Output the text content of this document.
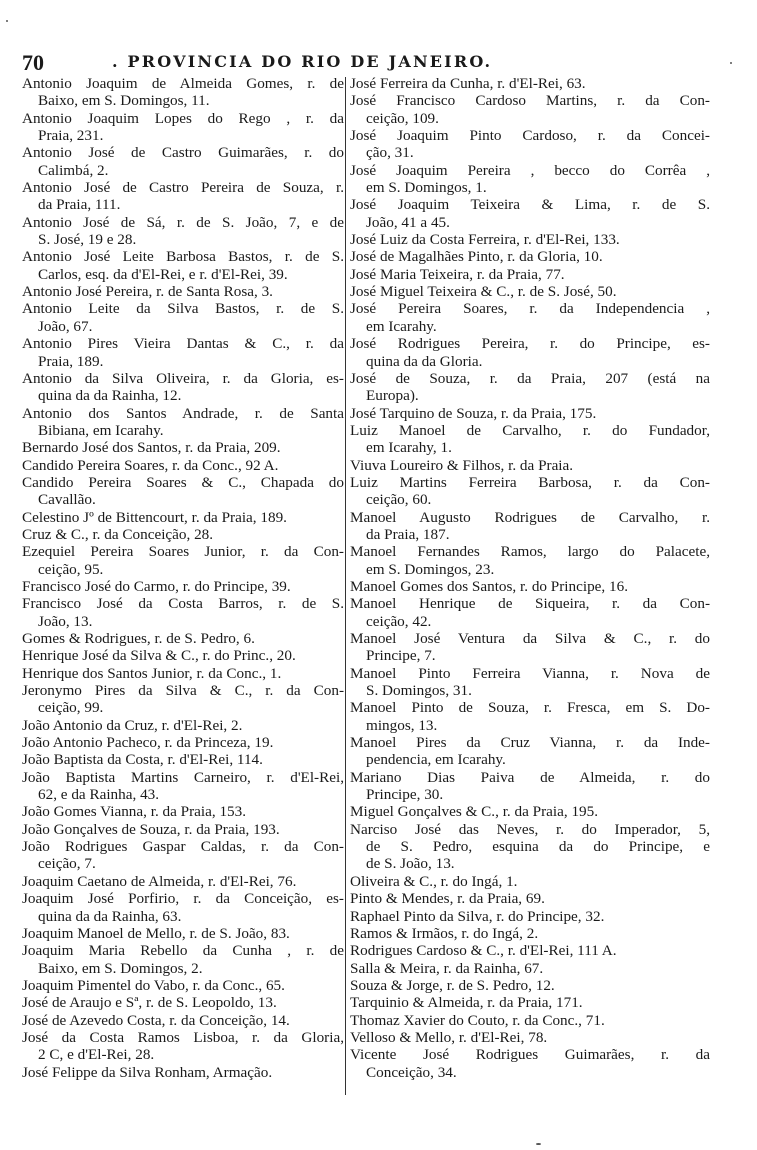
70	. PROVINCIA DO RIO DE JANEIRO.
Antonio Joaquim de Almeida Gomes, r. de
Baixo, em S. Domingos, 11.
Antonio Joaquim Lopes do Rego , r. da
Praia, 231.
Antonio José de Castro Guimarães, r. do
Calimbá, 2.
Antonio José de Castro Pereira de Souza, r.
da Praia, 111.
Antonio José de Sá, r. de S. João, 7, e de
S. José, 19 e 28.
Antonio José Leite Barbosa Bastos, r. de S.
Carlos, esq. da d'El-Rei, e r. d'El-Rei, 39.
Antonio José Pereira, r. de Santa Rosa, 3.
Antonio Leite da Silva Bastos, r. de S.
João, 67.
Antonio Pires Vieira Dantas & C., r. da
Praia, 189.
Antonio da Silva Oliveira, r. da Gloria, es-
quina da da Rainha, 12.
Antonio dos Santos Andrade, r. de Santa
Bibiana, em Icarahy.
Bernardo José dos Santos, r. da Praia, 209.
Candido Pereira Soares, r. da Conc., 92 A.
Candido Pereira Soares & C., Chapada do
Cavallão.
Celestino Jº de Bittencourt, r. da Praia, 189.
Cruz & C., r. da Conceição, 28.
Ezequiel Pereira Soares Junior, r. da Con-
ceição, 95.
Francisco José do Carmo, r. do Principe, 39.
Francisco José da Costa Barros, r. de S.
João, 13.
Gomes & Rodrigues, r. de S. Pedro, 6.
Henrique José da Silva & C., r. do Princ., 20.
Henrique dos Santos Junior, r. da Conc., 1.
Jeronymo Pires da Silva & C., r. da Con-
ceição, 99.
João Antonio da Cruz, r. d'El-Rei, 2.
João Antonio Pacheco, r. da Princeza, 19.
João Baptista da Costa, r. d'El-Rei, 114.
João Baptista Martins Carneiro, r. d'El-Rei,
62, e da Rainha, 43.
João Gomes Vianna, r. da Praia, 153.
João Gonçalves de Souza, r. da Praia, 193.
João Rodrigues Gaspar Caldas, r. da Con-
ceição, 7.
Joaquim Caetano de Almeida, r. d'El-Rei, 76.
Joaquim José Porfirio, r. da Conceição, es-
quina da da Rainha, 63.
Joaquim Manoel de Mello, r. de S. João, 83.
Joaquim Maria Rebello da Cunha , r. de
Baixo, em S. Domingos, 2.
Joaquim Pimentel do Vabo, r. da Conc., 65.
José de Araujo e Sª, r. de S. Leopoldo, 13.
José de Azevedo Costa, r. da Conceição, 14.
José da Costa Ramos Lisboa, r. da Gloria,
2 C, e d'El-Rei, 28.
José Felippe da Silva Ronham, Armação.
José Ferreira da Cunha, r. d'El-Rei, 63.
José Francisco Cardoso Martins, r. da Con-
ceição, 109.
José Joaquim Pinto Cardoso, r. da Concei-
ção, 31.
José Joaquim Pereira , becco do Corrêa ,
em S. Domingos, 1.
José Joaquim Teixeira & Lima, r. de S.
João, 41 a 45.
José Luiz da Costa Ferreira, r. d'El-Rei, 133.
José de Magalhães Pinto, r. da Gloria, 10.
José Maria Teixeira, r. da Praia, 77.
José Miguel Teixeira & C., r. de S. José, 50.
José Pereira Soares, r. da Independencia ,
em Icarahy.
José Rodrigues Pereira, r. do Principe, es-
quina da da Gloria.
José de Souza, r. da Praia, 207 (está na
Europa).
José Tarquino de Souza, r. da Praia, 175.
Luiz Manoel de Carvalho, r. do Fundador,
em Icarahy, 1.
Viuva Loureiro & Filhos, r. da Praia.
Luiz Martins Ferreira Barbosa, r. da Con-
ceição, 60.
Manoel Augusto Rodrigues de Carvalho, r.
da Praia, 187.
Manoel Fernandes Ramos, largo do Palacete,
em S. Domingos, 23.
Manoel Gomes dos Santos, r. do Principe, 16.
Manoel Henrique de Siqueira, r. da Con-
ceição, 42.
Manoel José Ventura da Silva & C., r. do
Principe, 7.
Manoel Pinto Ferreira Vianna, r. Nova de
S. Domingos, 31.
Manoel Pinto de Souza, r. Fresca, em S. Do-
mingos, 13.
Manoel Pires da Cruz Vianna, r. da Inde-
pendencia, em Icarahy.
Mariano Dias Paiva de Almeida, r. do
Principe, 30.
Miguel Gonçalves & C., r. da Praia, 195.
Narciso José das Neves, r. do Imperador, 5,
de S. Pedro, esquina da do Principe, e
de S. João, 13.
Oliveira & C., r. do Ingá, 1.
Pinto & Mendes, r. da Praia, 69.
Raphael Pinto da Silva, r. do Principe, 32.
Ramos & Irmãos, r. do Ingá, 2.
Rodrigues Cardoso & C., r. d'El-Rei, 111 A.
Salla & Meira, r. da Rainha, 67.
Souza & Jorge, r. de S. Pedro, 12.
Tarquinio & Almeida, r. da Praia, 171.
Thomaz Xavier do Couto, r. da Conc., 71.
Velloso & Mello, r. d'El-Rei, 78.
Vicente José Rodrigues Guimarães, r. da
Conceição, 34.
